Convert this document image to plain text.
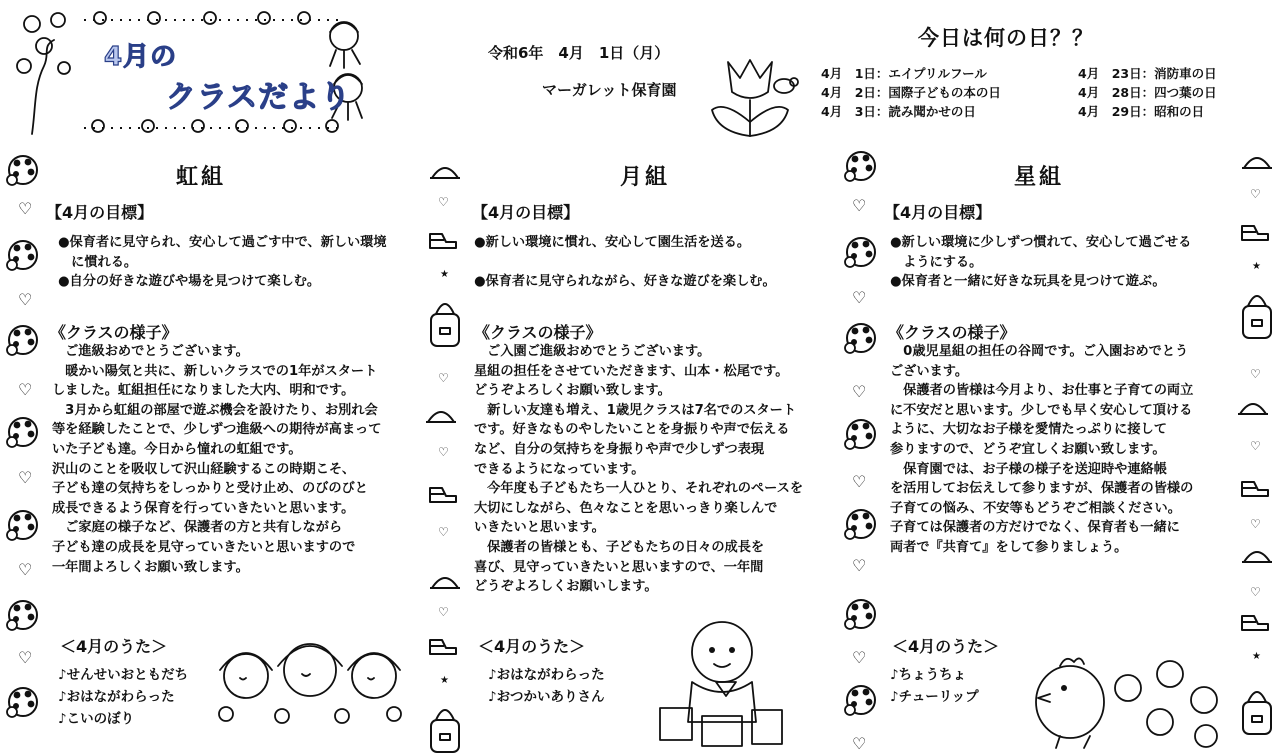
4月の
クラスだより
令和6年　4月　1日（月）
マーガレット保育園
今日は何の日？？
4月　1日：エイプリルフール
4月　2日：国際子どもの本の日
4月　3日：読み聞かせの日
4月　23日：消防車の日
4月　28日：四つ葉の日
4月　29日：昭和の日
虹組
【4月の目標】
●保育者に見守られ、安心して過ごす中で、新しい環境
　に慣れる。
●自分の好きな遊びや場を見つけて楽しむ。
《クラスの様子》
　ご進級おめでとうございます。
　暖かい陽気と共に、新しいクラスでの1年がスタート
しました。虹組担任になりました大内、明和です。
　3月から虹組の部屋で遊ぶ機会を設けたり、お別れ会
等を経験したことで、少しずつ進級への期待が高まって
いた子ども達。今日から憧れの虹組です。
沢山のことを吸収して沢山経験するこの時期こそ、
子ども達の気持ちをしっかりと受け止め、のびのびと
成長できるよう保育を行っていきたいと思います。
　ご家庭の様子など、保護者の方と共有しながら
子ども達の成長を見守っていきたいと思いますので
一年間よろしくお願い致します。
＜4月のうた＞
♪せんせいおともだち
♪おはながわらった
♪こいのぼり
月組
【4月の目標】
●新しい環境に慣れ、安心して園生活を送る。

●保育者に見守られながら、好きな遊びを楽しむ。
《クラスの様子》
　ご入園ご進級おめでとうございます。
星組の担任をさせていただきます、山本・松尾です。
どうぞよろしくお願い致します。
　新しい友達も増え、1歳児クラスは7名でのスタート
です。好きなものやしたいことを身振りや声で伝える
など、自分の気持ちを身振りや声で少しずつ表現
できるようになっています。
　今年度も子どもたち一人ひとり、それぞれのペースを
大切にしながら、色々なことを思いっきり楽しんで
いきたいと思います。
　保護者の皆様とも、子どもたちの日々の成長を
喜び、見守っていきたいと思いますので、一年間
どうぞよろしくお願いします。
＜4月のうた＞
♪おはながわらった
♪おつかいありさん
星組
【4月の目標】
●新しい環境に少しずつ慣れて、安心して過ごせる
　ようにする。
●保育者と一緒に好きな玩具を見つけて遊ぶ。
《クラスの様子》
　0歳児星組の担任の谷岡です。ご入園おめでとう
ございます。
　保護者の皆様は今月より、お仕事と子育ての両立
に不安だと思います。少しでも早く安心して頂ける
ように、大切なお子様を愛情たっぷりに接して
参りますので、どうぞ宜しくお願い致します。
　保育園では、お子様の様子を送迎時や連絡帳
を活用してお伝えして参りますが、保護者の皆様の
子育ての悩み、不安等もどうぞご相談ください。
子育ては保護者の方だけでなく、保育者も一緒に
両者で『共育て』をして参りましょう。
＜4月のうた＞
♪ちょうちょ
♪チューリップ
♡
♡
♡
♡
♡
♡
♡
♡
♡
♡
♡
♡
♡
♡
★
♡
♡
♡
♡
★
♡
★
♡
♡
♡
♡
★
